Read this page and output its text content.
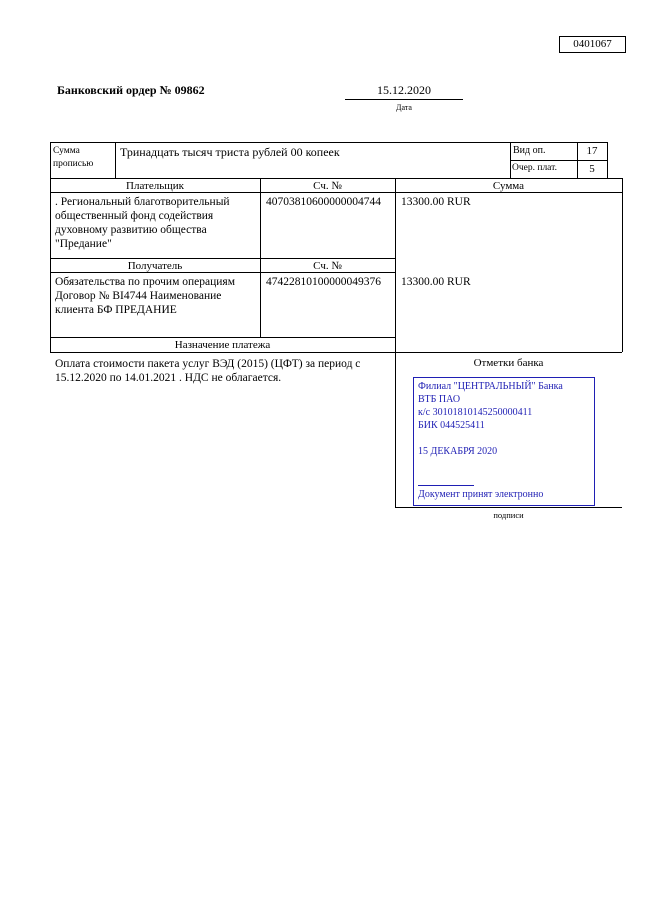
0401067
Банковский ордер № 09862	15.12.2020
Дата
Сумма
прописью
Тринадцать тысяч триста рублей 00 копеек	Вид оп.	17
Очер. плат.	5
Плательщик	Сч. №	Сумма
. Региональный благотворительный общественный фонд содействия духовному развитию общества "Предание"
40703810600000004744	13300.00 RUR
Получатель	Сч. №
Обязательства по прочим операциям Договор № BI4744 Наименование клиента БФ ПРЕДАНИЕ
47422810100000049376	13300.00 RUR
Назначение платежа
Оплата стоимости пакета услуг ВЭД (2015) (ЦФТ) за период с 15.12.2020 по 14.01.2021 . НДС не облагается.
Отметки банка
Филиал "ЦЕНТРАЛЬНЫЙ" Банка
ВТБ ПАО
к/с 30101810145250000411
БИК 044525411
15 ДЕКАБРЯ 2020
Документ принят электронно
подписи
